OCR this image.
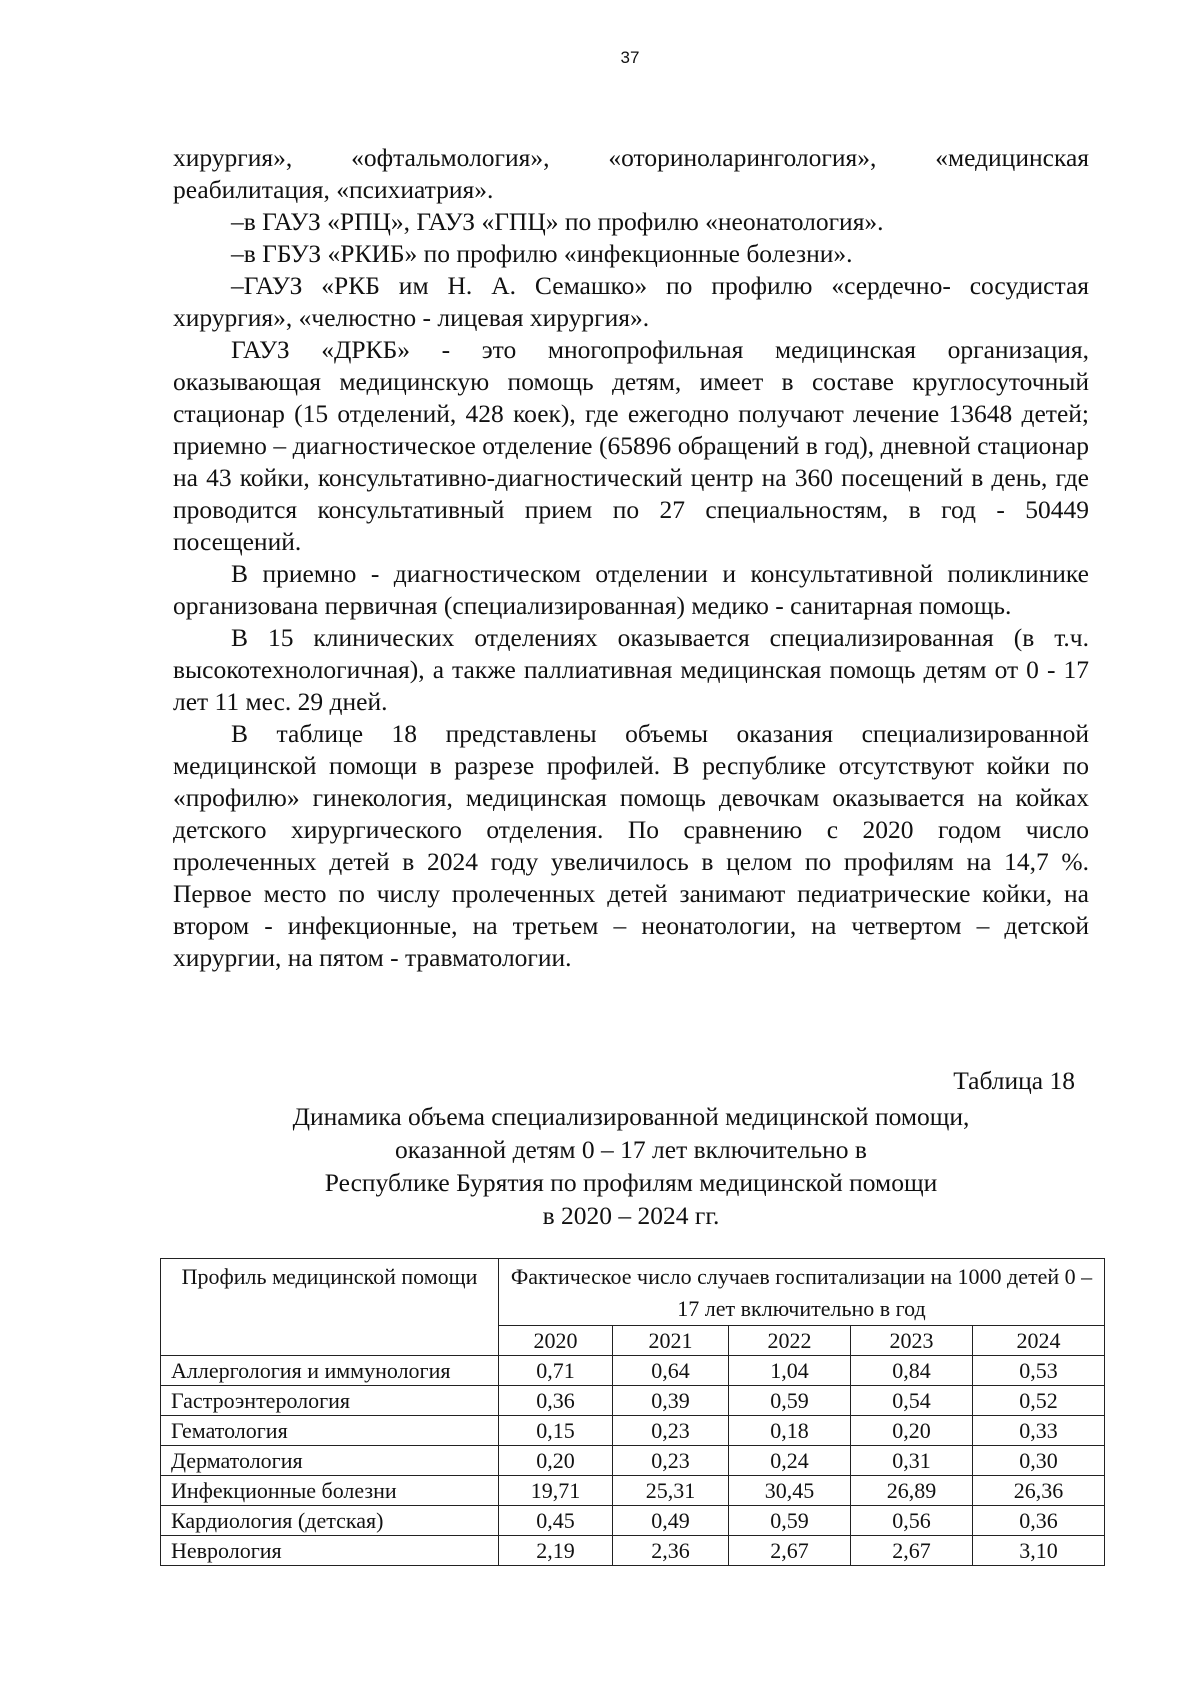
37

хирургия», «офтальмология», «оториноларингология», «медицинская реабилитация, «психиатрия».

–в ГАУЗ «РПЦ», ГАУЗ «ГПЦ» по профилю «неонатология».

–в ГБУЗ «РКИБ» по профилю «инфекционные болезни».

–ГАУЗ «РКБ им Н. А. Семашко» по профилю «сердечно- сосудистая хирургия», «челюстно - лицевая хирургия».

ГАУЗ «ДРКБ» - это многопрофильная медицинская организация, оказывающая медицинскую помощь детям, имеет в составе круглосуточный стационар (15 отделений, 428 коек), где ежегодно получают лечение 13648 детей; приемно – диагностическое отделение (65896 обращений в год), дневной стационар на 43 койки, консультативно-диагностический центр на 360 посещений в день, где проводится консультативный прием по 27 специальностям, в год - 50449 посещений.

В приемно - диагностическом отделении и консультативной поликлинике организована первичная (специализированная) медико - санитарная помощь.

В 15 клинических отделениях оказывается специализированная (в т.ч. высокотехнологичная), а также паллиативная медицинская помощь детям от 0 - 17 лет 11 мес. 29 дней.

В таблице 18 представлены объемы оказания специализированной медицинской помощи в разрезе профилей. В республике отсутствуют койки по «профилю» гинекология, медицинская помощь девочкам оказывается на койках детского хирургического отделения. По сравнению с 2020 годом число пролеченных детей в 2024 году увеличилось в целом по профилям на 14,7 %. Первое место по числу пролеченных детей занимают педиатрические койки, на втором - инфекционные, на третьем – неонатологии, на четвертом – детской хирургии, на пятом - травматологии.

Таблица 18
Динамика объема специализированной медицинской помощи,
оказанной детям 0 – 17 лет включительно в
Республике Бурятия по профилям медицинской помощи
в 2020 – 2024 гг.
Профиль медицинской помощи	Фактическое число случаев госпитализации на 1000 детей 0 – 17 лет включительно в год				
	2020	2021	2022	2023	2024
Аллергология и иммунология	0,71	0,64	1,04	0,84	0,53
Гастроэнтерология	0,36	0,39	0,59	0,54	0,52
Гематология	0,15	0,23	0,18	0,20	0,33
Дерматология	0,20	0,23	0,24	0,31	0,30
Инфекционные болезни	19,71	25,31	30,45	26,89	26,36
Кардиология (детская)	0,45	0,49	0,59	0,56	0,36
Неврология	2,19	2,36	2,67	2,67	3,10
